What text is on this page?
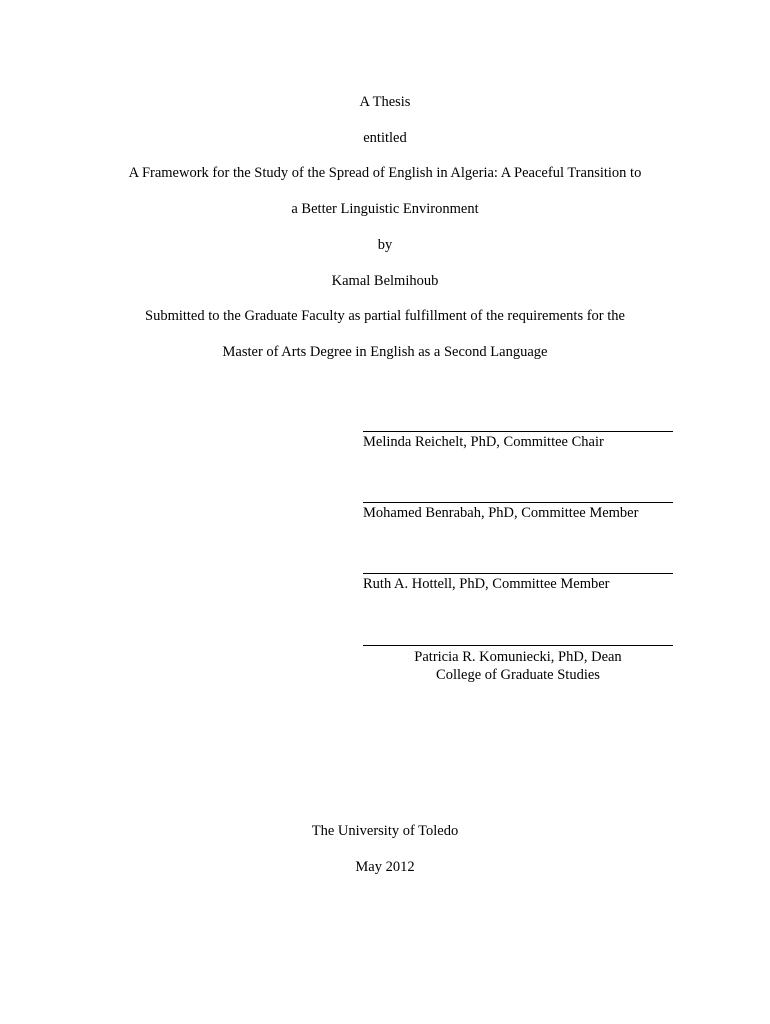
A Thesis
entitled
A Framework for the Study of the Spread of English in Algeria: A Peaceful Transition to
a Better Linguistic Environment
by
Kamal Belmihoub
Submitted to the Graduate Faculty as partial fulfillment of the requirements for the
Master of Arts Degree in English as a Second Language
Melinda Reichelt, PhD, Committee Chair
Mohamed Benrabah, PhD, Committee Member
Ruth A. Hottell, PhD, Committee Member
Patricia R. Komuniecki, PhD, Dean
College of Graduate Studies
The University of Toledo
May 2012
